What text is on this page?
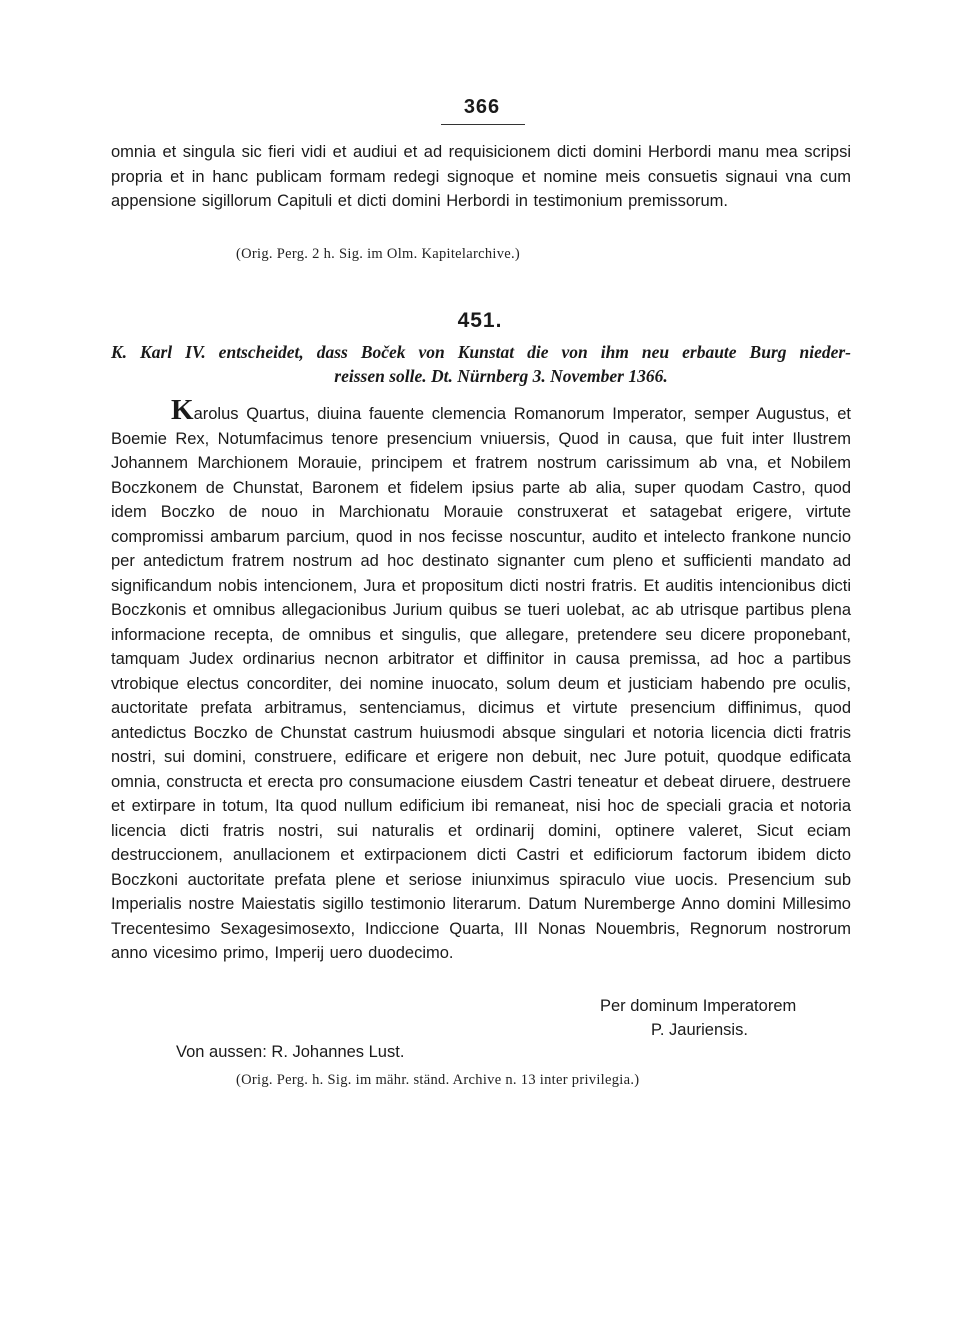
366

omnia et singula sic fieri vidi et audiui et ad requisicionem dicti domini Herbordi manu mea scripsi propria et in hanc publicam formam redegi signoque et nomine meis consuetis signaui vna cum appensione sigillorum Capituli et dicti domini Herbordi in testimonium premissorum.

(Orig. Perg. 2 h. Sig. im Olm. Kapitelarchive.)

451.

K. Karl IV. entscheidet, dass Boček von Kunstat die von ihm neu erbaute Burg nieder-
reissen solle. Dt. Nürnberg 3. November 1366.

Karolus Quartus, diuina fauente clemencia Romanorum Imperator, semper Augustus, et Boemie Rex, Notumfacimus tenore presencium vniuersis, Quod in causa, que fuit inter Ilustrem Johannem Marchionem Morauie, principem et fratrem nostrum carissimum ab vna, et Nobilem Boczkonem de Chunstat, Baronem et fidelem ipsius parte ab alia, super quodam Castro, quod idem Boczko de nouo in Marchionatu Morauie construxerat et satagebat erigere, virtute compromissi ambarum parcium, quod in nos fecisse noscuntur, audito et intelecto frankone nuncio per antedictum fratrem nostrum ad hoc destinato signanter cum pleno et sufficienti mandato ad significandum nobis intencionem, Jura et propositum dicti nostri fratris. Et auditis intencionibus dicti Boczkonis et omnibus allegacionibus Jurium quibus se tueri uolebat, ac ab utrisque partibus plena informacione recepta, de omnibus et singulis, que allegare, pretendere seu dicere proponebant, tamquam Judex ordinarius necnon arbitrator et diffinitor in causa premissa, ad hoc a partibus vtrobique electus concorditer, dei nomine inuocato, solum deum et justiciam habendo pre oculis, auctoritate prefata arbitramus, sentenciamus, dicimus et virtute presencium diffinimus, quod antedictus Boczko de Chunstat castrum huiusmodi absque singulari et notoria licencia dicti fratris nostri, sui domini, construere, edificare et erigere non debuit, nec Jure potuit, quodque edificata omnia, constructa et erecta pro consumacione eiusdem Castri teneatur et debeat diruere, destruere et extirpare in totum, Ita quod nullum edificium ibi remaneat, nisi hoc de speciali gracia et notoria licencia dicti fratris nostri, sui naturalis et ordinarij domini, optinere valeret, Sicut eciam destruccionem, anullacionem et extirpacionem dicti Castri et edificiorum factorum ibidem dicto Boczkoni auctoritate prefata plene et seriose iniunximus spiraculo viue uocis. Presencium sub Imperialis nostre Maiestatis sigillo testimonio literarum. Datum Nuremberge Anno domini Millesimo Trecentesimo Sexagesimosexto, Indiccione Quarta, III Nonas Nouembris, Regnorum nostrorum anno vicesimo primo, Imperij uero duodecimo.

Per dominum Imperatorem

P. Jauriensis.

Von aussen: R. Johannes Lust.

(Orig. Perg. h. Sig. im mähr. ständ. Archive n. 13 inter privilegia.)
